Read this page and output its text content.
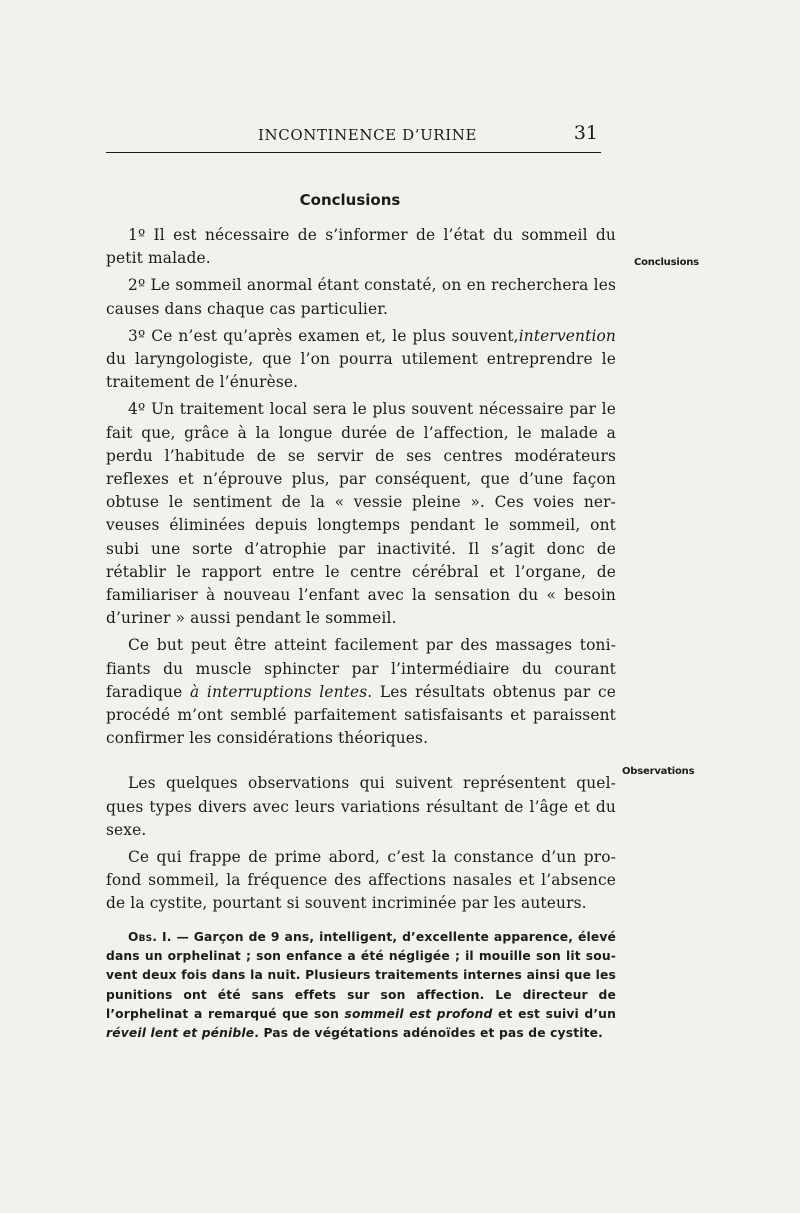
INCONTINENCE D’URINE	31
Conclusions
Conclusions
Observations

1º Il est nécessaire de s’informer de l’état du sommeil du petit malade.

2º Le sommeil anormal étant constaté, on en recherchera les causes dans chaque cas particulier.

3º Ce n’est qu’après examen et, le plus souvent,intervention du laryngologiste, que l’on pourra utilement entreprendre le traitement de l’énurèse.

4º Un traitement local sera le plus souvent nécessaire par le fait que, grâce à la longue durée de l’affection, le malade a perdu l’habitude de se servir de ses centres modérateurs reflexes et n’éprouve plus, par conséquent, que d’une façon obtuse le sentiment de la « vessie pleine ». Ces voies ner-veuses éliminées depuis longtemps pendant le sommeil, ont subi une sorte d’atrophie par inactivité. Il s’agit donc de rétablir le rapport entre le centre cérébral et l’organe, de familiariser à nouveau l’enfant avec la sensation du « besoin d’uriner » aussi pendant le sommeil.

Ce but peut être atteint facilement par des massages toni-fiants du muscle sphincter par l’intermédiaire du courant faradique à interruptions lentes. Les résultats obtenus par ce procédé m’ont semblé parfaitement satisfaisants et paraissent confirmer les considérations théoriques.

Les quelques observations qui suivent représentent quel-ques types divers avec leurs variations résultant de l’âge et du sexe.

Ce qui frappe de prime abord, c’est la constance d’un pro-fond sommeil, la fréquence des affections nasales et l’absence de la cystite, pourtant si souvent incriminée par les auteurs.

Obs. I. — Garçon de 9 ans, intelligent, d’excellente apparence, élevé dans un orphelinat ; son enfance a été négligée ; il mouille son lit sou-vent deux fois dans la nuit. Plusieurs traitements internes ainsi que les punitions ont été sans effets sur son affection. Le directeur de l’orphelinat a remarqué que son sommeil est profond et est suivi d’un réveil lent et pénible. Pas de végétations adénoïdes et pas de cystite.
